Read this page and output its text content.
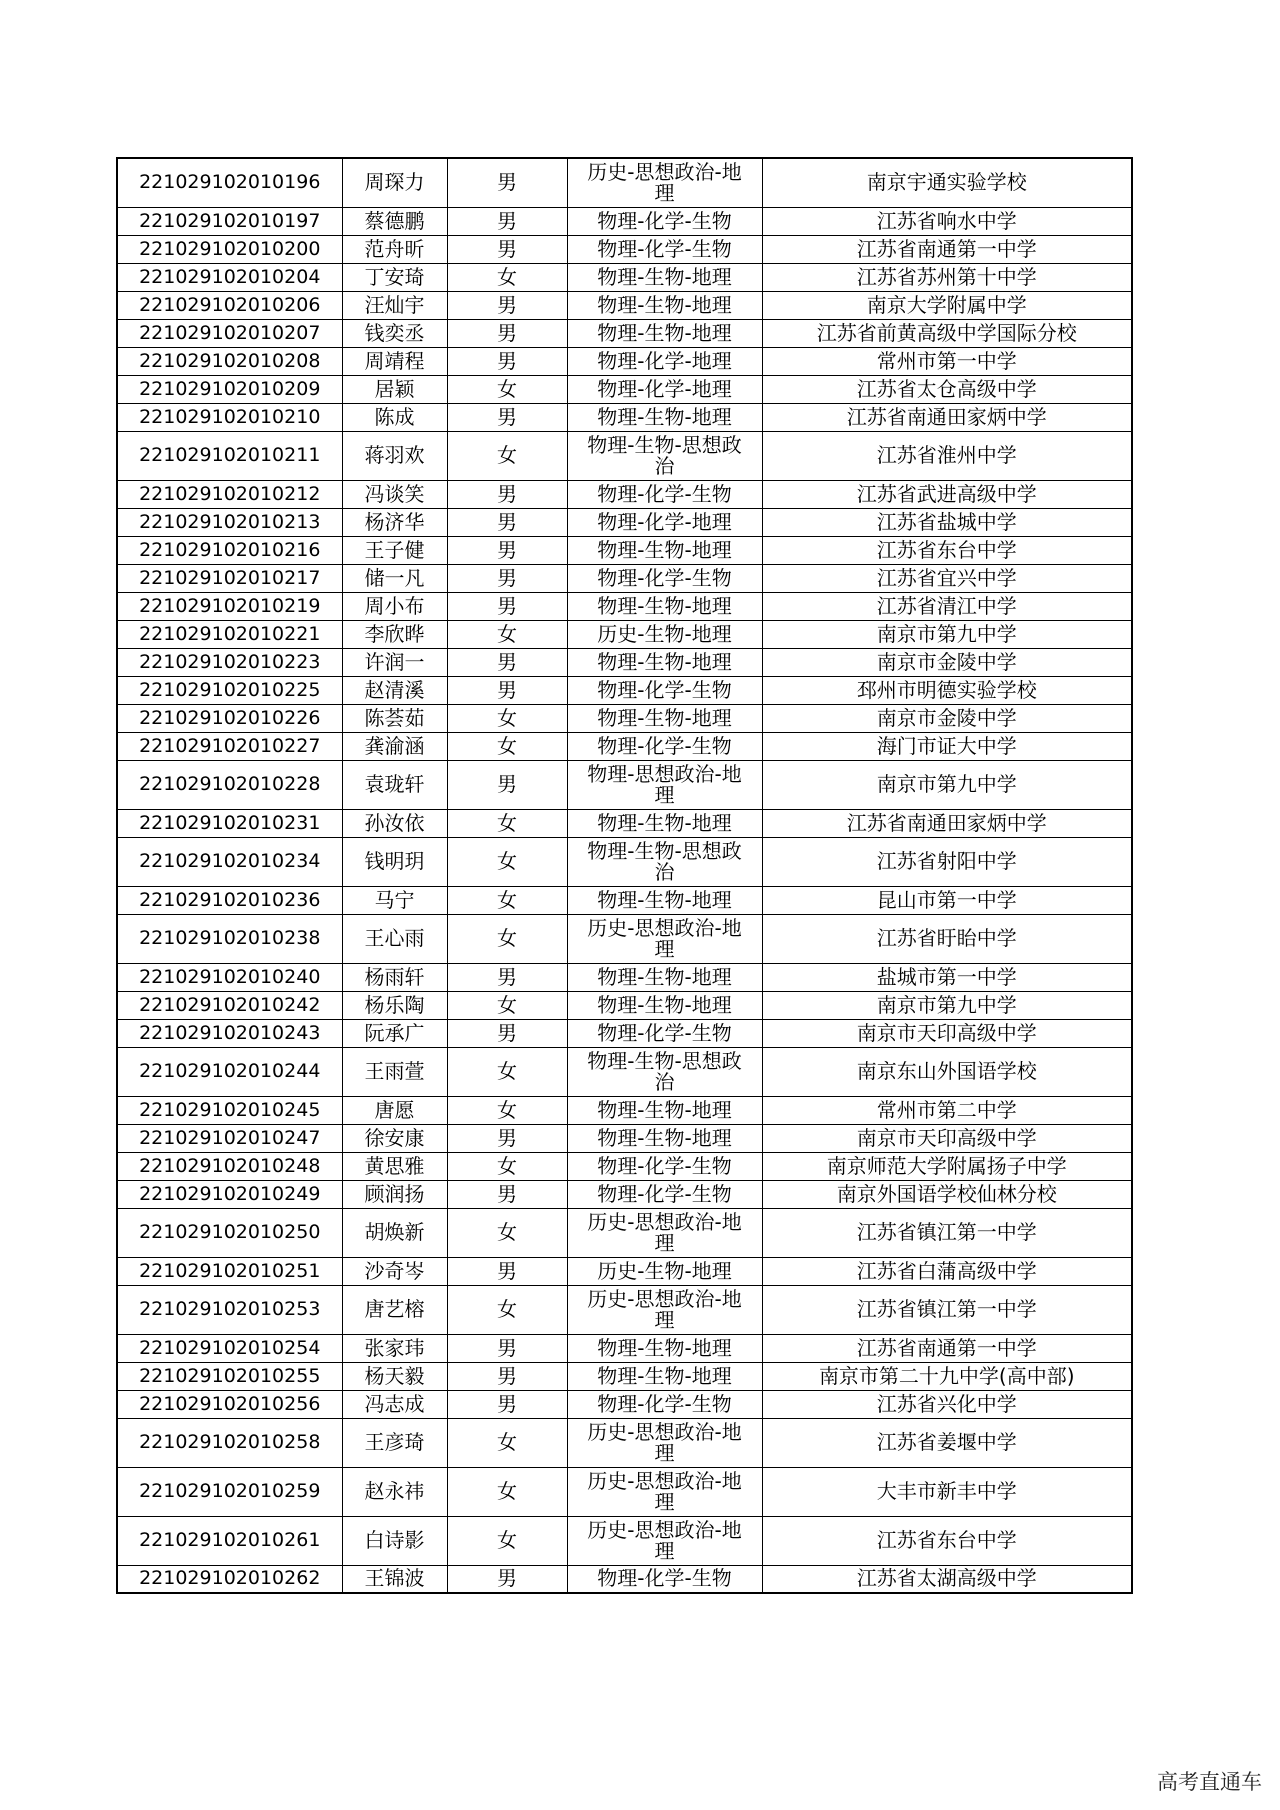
221029102010196	周琛力	男	历史-思想政治-地理	南京宇通实验学校
221029102010197	蔡德鹏	男	物理-化学-生物	江苏省响水中学
221029102010200	范舟昕	男	物理-化学-生物	江苏省南通第一中学
221029102010204	丁安琦	女	物理-生物-地理	江苏省苏州第十中学
221029102010206	汪灿宇	男	物理-生物-地理	南京大学附属中学
221029102010207	钱奕丞	男	物理-生物-地理	江苏省前黄高级中学国际分校
221029102010208	周靖程	男	物理-化学-地理	常州市第一中学
221029102010209	居颖	女	物理-化学-地理	江苏省太仓高级中学
221029102010210	陈成	男	物理-生物-地理	江苏省南通田家炳中学
221029102010211	蒋羽欢	女	物理-生物-思想政治	江苏省淮州中学
221029102010212	冯谈笑	男	物理-化学-生物	江苏省武进高级中学
221029102010213	杨济华	男	物理-化学-地理	江苏省盐城中学
221029102010216	王子健	男	物理-生物-地理	江苏省东台中学
221029102010217	储一凡	男	物理-化学-生物	江苏省宜兴中学
221029102010219	周小布	男	物理-生物-地理	江苏省清江中学
221029102010221	李欣晔	女	历史-生物-地理	南京市第九中学
221029102010223	许润一	男	物理-生物-地理	南京市金陵中学
221029102010225	赵清溪	男	物理-化学-生物	邳州市明德实验学校
221029102010226	陈荟茹	女	物理-生物-地理	南京市金陵中学
221029102010227	龚渝涵	女	物理-化学-生物	海门市证大中学
221029102010228	袁珑轩	男	物理-思想政治-地理	南京市第九中学
221029102010231	孙汝依	女	物理-生物-地理	江苏省南通田家炳中学
221029102010234	钱明玥	女	物理-生物-思想政治	江苏省射阳中学
221029102010236	马宁	女	物理-生物-地理	昆山市第一中学
221029102010238	王心雨	女	历史-思想政治-地理	江苏省盱眙中学
221029102010240	杨雨轩	男	物理-生物-地理	盐城市第一中学
221029102010242	杨乐陶	女	物理-生物-地理	南京市第九中学
221029102010243	阮承广	男	物理-化学-生物	南京市天印高级中学
221029102010244	王雨萱	女	物理-生物-思想政治	南京东山外国语学校
221029102010245	唐愿	女	物理-生物-地理	常州市第二中学
221029102010247	徐安康	男	物理-生物-地理	南京市天印高级中学
221029102010248	黄思雅	女	物理-化学-生物	南京师范大学附属扬子中学
221029102010249	顾润扬	男	物理-化学-生物	南京外国语学校仙林分校
221029102010250	胡焕新	女	历史-思想政治-地理	江苏省镇江第一中学
221029102010251	沙奇岑	男	历史-生物-地理	江苏省白蒲高级中学
221029102010253	唐艺榕	女	历史-思想政治-地理	江苏省镇江第一中学
221029102010254	张家玮	男	物理-生物-地理	江苏省南通第一中学
221029102010255	杨天毅	男	物理-生物-地理	南京市第二十九中学(高中部)
221029102010256	冯志成	男	物理-化学-生物	江苏省兴化中学
221029102010258	王彦琦	女	历史-思想政治-地理	江苏省姜堰中学
221029102010259	赵永祎	女	历史-思想政治-地理	大丰市新丰中学
221029102010261	白诗影	女	历史-思想政治-地理	江苏省东台中学
221029102010262	王锦波	男	物理-化学-生物	江苏省太湖高级中学
高考直通车
